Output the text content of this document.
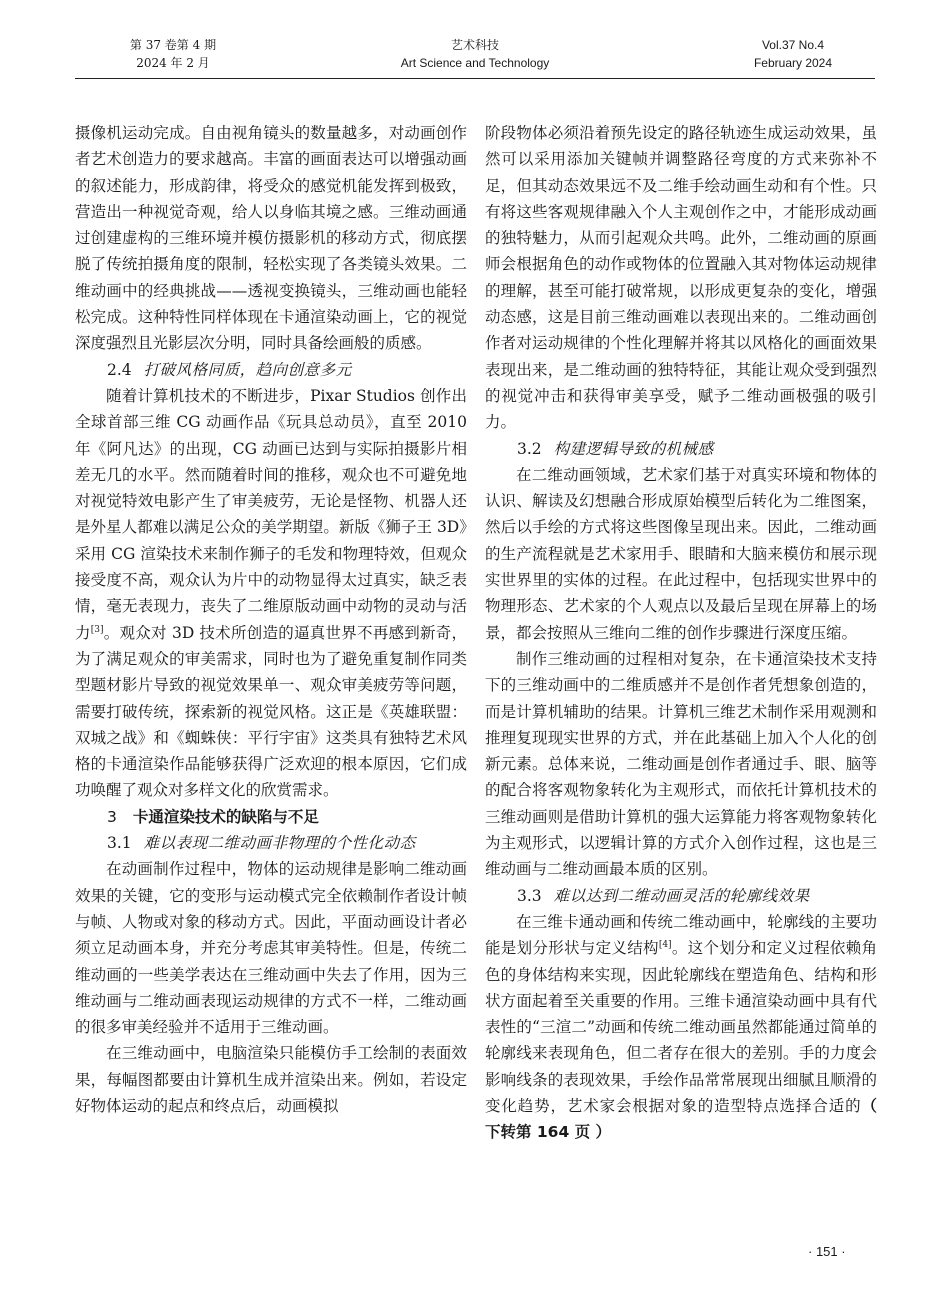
第 37 卷第 4 期
2024 年 2 月
艺术科技
Art Science and Technology
Vol.37 No.4
February 2024

摄像机运动完成。自由视角镜头的数量越多，对动画创作者艺术创造力的要求越高。丰富的画面表达可以增强动画的叙述能力，形成韵律，将受众的感觉机能发挥到极致，营造出一种视觉奇观，给人以身临其境之感。三维动画通过创建虚构的三维环境并模仿摄影机的移动方式，彻底摆脱了传统拍摄角度的限制，轻松实现了各类镜头效果。二维动画中的经典挑战——透视变换镜头，三维动画也能轻松完成。这种特性同样体现在卡通渲染动画上，它的视觉深度强烈且光影层次分明，同时具备绘画般的质感。

2.4 打破风格同质，趋向创意多元

随着计算机技术的不断进步，Pixar Studios 创作出全球首部三维 CG 动画作品《玩具总动员》，直至 2010 年《阿凡达》的出现，CG 动画已达到与实际拍摄影片相差无几的水平。然而随着时间的推移，观众也不可避免地对视觉特效电影产生了审美疲劳，无论是怪物、机器人还是外星人都难以满足公众的美学期望。新版《狮子王 3D》采用 CG 渲染技术来制作狮子的毛发和物理特效，但观众接受度不高，观众认为片中的动物显得太过真实，缺乏表情，毫无表现力，丧失了二维原版动画中动物的灵动与活力[3]。观众对 3D 技术所创造的逼真世界不再感到新奇，为了满足观众的审美需求，同时也为了避免重复制作同类型题材影片导致的视觉效果单一、观众审美疲劳等问题，需要打破传统，探索新的视觉风格。这正是《英雄联盟：双城之战》和《蜘蛛侠：平行宇宙》这类具有独特艺术风格的卡通渲染作品能够获得广泛欢迎的根本原因，它们成功唤醒了观众对多样文化的欣赏需求。

3 卡通渲染技术的缺陷与不足
3.1 难以表现二维动画非物理的个性化动态

在动画制作过程中，物体的运动规律是影响二维动画效果的关键，它的变形与运动模式完全依赖制作者设计帧与帧、人物或对象的移动方式。因此，平面动画设计者必须立足动画本身，并充分考虑其审美特性。但是，传统二维动画的一些美学表达在三维动画中失去了作用，因为三维动画与二维动画表现运动规律的方式不一样，二维动画的很多审美经验并不适用于三维动画。

在三维动画中，电脑渲染只能模仿手工绘制的表面效果，每幅图都要由计算机生成并渲染出来。例如，若设定好物体运动的起点和终点后，动画模拟

阶段物体必须沿着预先设定的路径轨迹生成运动效果，虽然可以采用添加关键帧并调整路径弯度的方式来弥补不足，但其动态效果远不及二维手绘动画生动和有个性。只有将这些客观规律融入个人主观创作之中，才能形成动画的独特魅力，从而引起观众共鸣。此外，二维动画的原画师会根据角色的动作或物体的位置融入其对物体运动规律的理解，甚至可能打破常规，以形成更复杂的变化，增强动态感，这是目前三维动画难以表现出来的。二维动画创作者对运动规律的个性化理解并将其以风格化的画面效果表现出来，是二维动画的独特特征，其能让观众受到强烈的视觉冲击和获得审美享受，赋予二维动画极强的吸引力。

3.2 构建逻辑导致的机械感

在二维动画领域，艺术家们基于对真实环境和物体的认识、解读及幻想融合形成原始模型后转化为二维图案，然后以手绘的方式将这些图像呈现出来。因此，二维动画的生产流程就是艺术家用手、眼睛和大脑来模仿和展示现实世界里的实体的过程。在此过程中，包括现实世界中的物理形态、艺术家的个人观点以及最后呈现在屏幕上的场景，都会按照从三维向二维的创作步骤进行深度压缩。

制作三维动画的过程相对复杂，在卡通渲染技术支持下的三维动画中的二维质感并不是创作者凭想象创造的，而是计算机辅助的结果。计算机三维艺术制作采用观测和推理复现现实世界的方式，并在此基础上加入个人化的创新元素。总体来说，二维动画是创作者通过手、眼、脑等的配合将客观物象转化为主观形式，而依托计算机技术的三维动画则是借助计算机的强大运算能力将客观物象转化为主观形式，以逻辑计算的方式介入创作过程，这也是三维动画与二维动画最本质的区别。

3.3 难以达到二维动画灵活的轮廓线效果

在三维卡通动画和传统二维动画中，轮廓线的主要功能是划分形状与定义结构[4]。这个划分和定义过程依赖角色的身体结构来实现，因此轮廓线在塑造角色、结构和形状方面起着至关重要的作用。三维卡通渲染动画中具有代表性的“三渲二”动画和传统二维动画虽然都能通过简单的轮廓线来表现角色，但二者存在很大的差别。手的力度会影响线条的表现效果，手绘作品常常展现出细腻且顺滑的变化趋势，艺术家会根据对象的造型特点选择合适的（ 下转第 164 页 ）

· 151 ·
